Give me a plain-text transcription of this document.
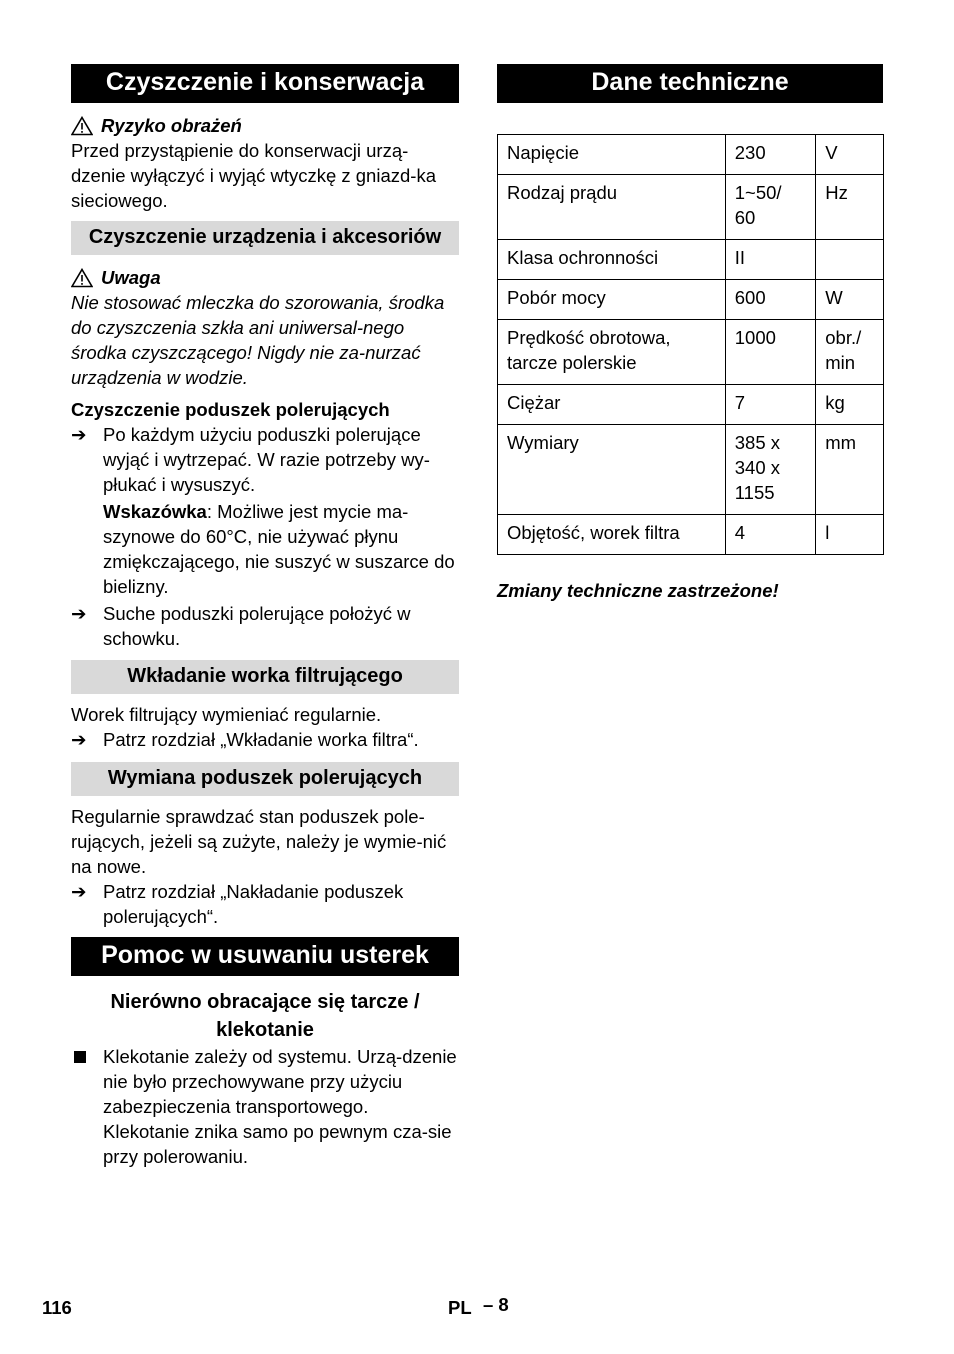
Czyszczenie i konserwacja
Ryzyko obrażeń

Przed przystąpienie do konserwacji urzą-dzenie wyłączyć i wyjąć wtyczkę z gniazd-ka sieciowego.

Czyszczenie urządzenia i akcesoriów
Uwaga

Nie stosować mleczka do szorowania, środka do czyszczenia szkła ani uniwersal-nego środka czyszczącego! Nigdy nie za-nurzać urządzenia w wodzie.

Czyszczenie poduszek polerujących

➔ Po każdym użyciu poduszki polerujące wyjąć i wytrzepać. W razie potrzeby wy-płukać i wysuszyć.
Wskazówka: Możliwe jest mycie ma-szynowe do 60°C, nie używać płynu zmiękczającego, nie suszyć w suszarce do bielizny.
➔ Suche poduszki polerujące położyć w schowku.
Wkładanie worka filtrującego

Worek filtrujący wymieniać regularnie.

➔ Patrz rozdział „Wkładanie worka filtra“.
Wymiana poduszek polerujących

Regularnie sprawdzać stan poduszek pole-rujących, jeżeli są zużyte, należy je wymie-nić na nowe.

➔ Patrz rozdział „Nakładanie poduszek polerujących“.
Pomoc w usuwaniu usterek
Nierówno obracające się tarcze / klekotanie
Klekotanie zależy od systemu. Urzą-dzenie nie było przechowywane przy użyciu zabezpieczenia transportowego. Klekotanie znika samo po pewnym cza-sie przy polerowaniu.
Dane techniczne
Napięcie	230	V
Rodzaj prądu	1~50/ 60	Hz
Klasa ochronności	II	
Pobór mocy	600	W
Prędkość obrotowa, tarcze polerskie	1000	obr./ min
Ciężar	7	kg
Wymiary	385 x 340 x 1155	mm
Objętość, worek filtra	4	l

Zmiany techniczne zastrzeżone!

116	PL – 8
